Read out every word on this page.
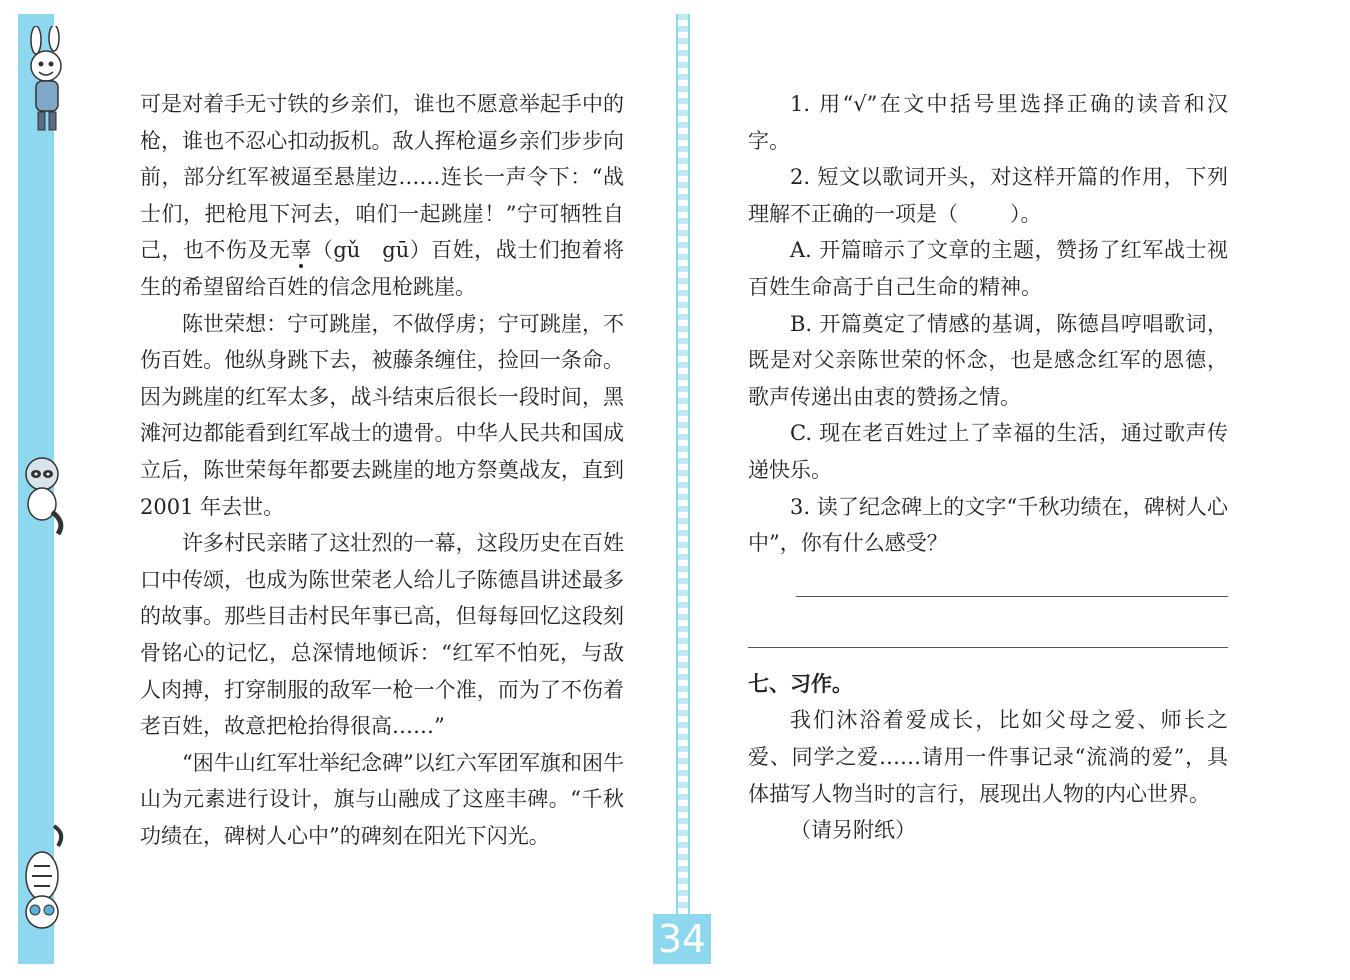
可是对着手无寸铁的乡亲们，谁也不愿意举起手中的枪，谁也不忍心扣动扳机。敌人挥枪逼乡亲们步步向前，部分红军被逼至悬崖边……连长一声令下：“战士们，把枪甩下河去，咱们一起跳崖！”宁可牺牲自己，也不伤及无辜（gǔ　gū）百姓，战士们抱着将生的希望留给百姓的信念甩枪跳崖。

陈世荣想：宁可跳崖，不做俘虏；宁可跳崖，不伤百姓。他纵身跳下去，被藤条缠住，捡回一条命。因为跳崖的红军太多，战斗结束后很长一段时间，黑滩河边都能看到红军战士的遗骨。中华人民共和国成立后，陈世荣每年都要去跳崖的地方祭奠战友，直到 2001 年去世。

许多村民亲睹了这壮烈的一幕，这段历史在百姓口中传颂，也成为陈世荣老人给儿子陈德昌讲述最多的故事。那些目击村民年事已高，但每每回忆这段刻骨铭心的记忆，总深情地倾诉：“红军不怕死，与敌人肉搏，打穿制服的敌军一枪一个准，而为了不伤着老百姓，故意把枪抬得很高……”

“困牛山红军壮举纪念碑”以红六军团军旗和困牛山为元素进行设计，旗与山融成了这座丰碑。“千秋功绩在，碑树人心中”的碑刻在阳光下闪光。

1. 用“√”在文中括号里选择正确的读音和汉字。

2. 短文以歌词开头，对这样开篇的作用，下列理解不正确的一项是（ ）。

A. 开篇暗示了文章的主题，赞扬了红军战士视百姓生命高于自己生命的精神。

B. 开篇奠定了情感的基调，陈德昌哼唱歌词，既是对父亲陈世荣的怀念，也是感念红军的恩德，歌声传递出由衷的赞扬之情。

C. 现在老百姓过上了幸福的生活，通过歌声传递快乐。

3. 读了纪念碑上的文字“千秋功绩在，碑树人心中”，你有什么感受？

七、习作。

我们沐浴着爱成长，比如父母之爱、师长之爱、同学之爱……请用一件事记录“流淌的爱”，具体描写人物当时的言行，展现出人物的内心世界。

（请另附纸）

34
